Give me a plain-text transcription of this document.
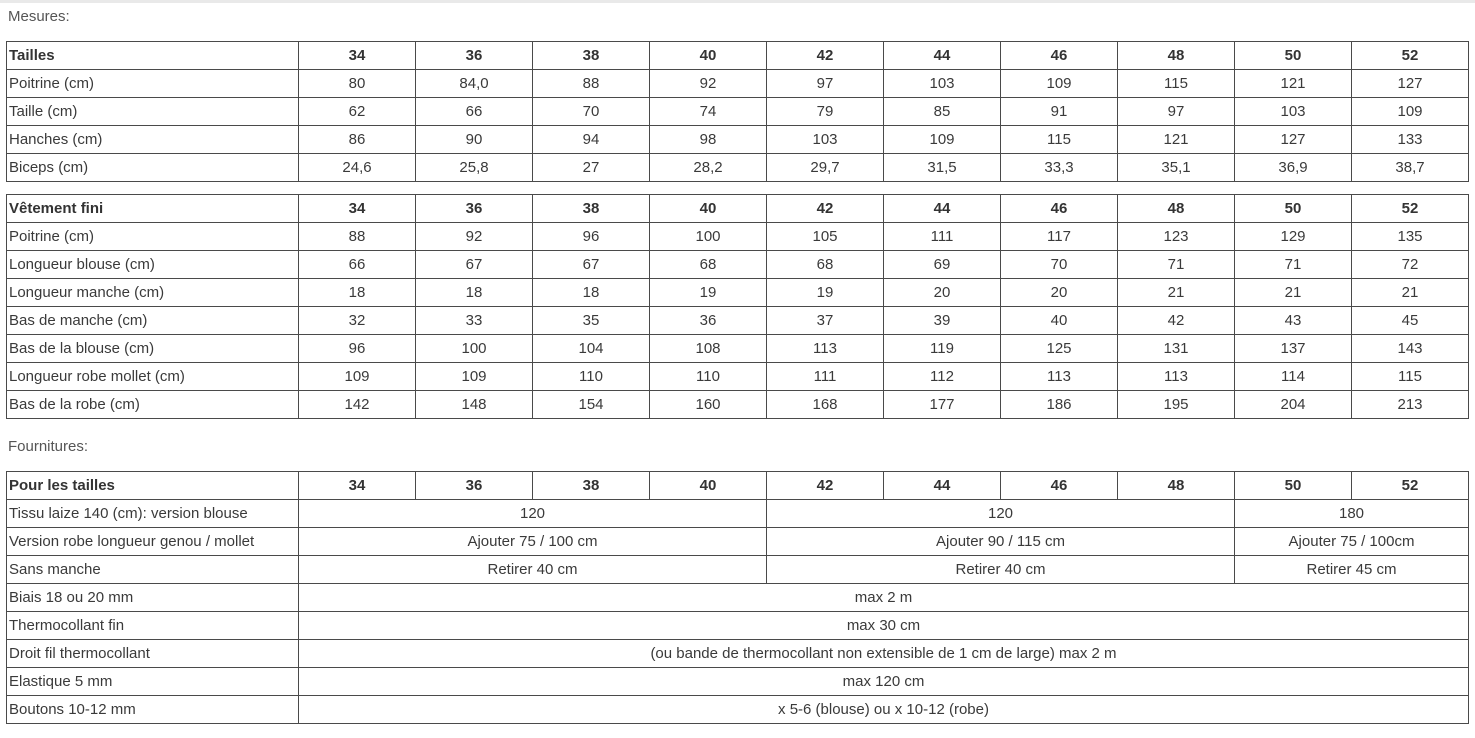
Mesures:
Tailles	34	36	38	40	42	44	46	48	50	52
Poitrine (cm)	80	84,0	88	92	97	103	109	115	121	127
Taille (cm)	62	66	70	74	79	85	91	97	103	109
Hanches (cm)	86	90	94	98	103	109	115	121	127	133
Biceps (cm)	24,6	25,8	27	28,2	29,7	31,5	33,3	35,1	36,9	38,7
Vêtement fini	34	36	38	40	42	44	46	48	50	52
Poitrine (cm)	88	92	96	100	105	111	117	123	129	135
Longueur blouse (cm)	66	67	67	68	68	69	70	71	71	72
Longueur manche (cm)	18	18	18	19	19	20	20	21	21	21
Bas de manche (cm)	32	33	35	36	37	39	40	42	43	45
Bas de la blouse (cm)	96	100	104	108	113	119	125	131	137	143
Longueur robe mollet (cm)	109	109	110	110	111	112	113	113	114	115
Bas de la robe (cm)	142	148	154	160	168	177	186	195	204	213
Fournitures:
Pour les tailles	34	36	38	40	42	44	46	48	50	52
Tissu laize 140 (cm): version blouse	120				120				180	
Version robe longueur genou / mollet	Ajouter 75 / 100 cm				Ajouter 90 / 115 cm				Ajouter 75 / 100cm	
Sans manche	Retirer 40 cm				Retirer 40 cm				Retirer 45 cm	
Biais 18 ou 20 mm	max 2 m									
Thermocollant fin	max 30 cm									
Droit fil thermocollant	(ou bande de thermocollant non extensible de 1 cm de large) max 2 m									
Elastique 5 mm	max 120 cm									
Boutons 10-12 mm	x 5-6 (blouse) ou x 10-12 (robe)									
